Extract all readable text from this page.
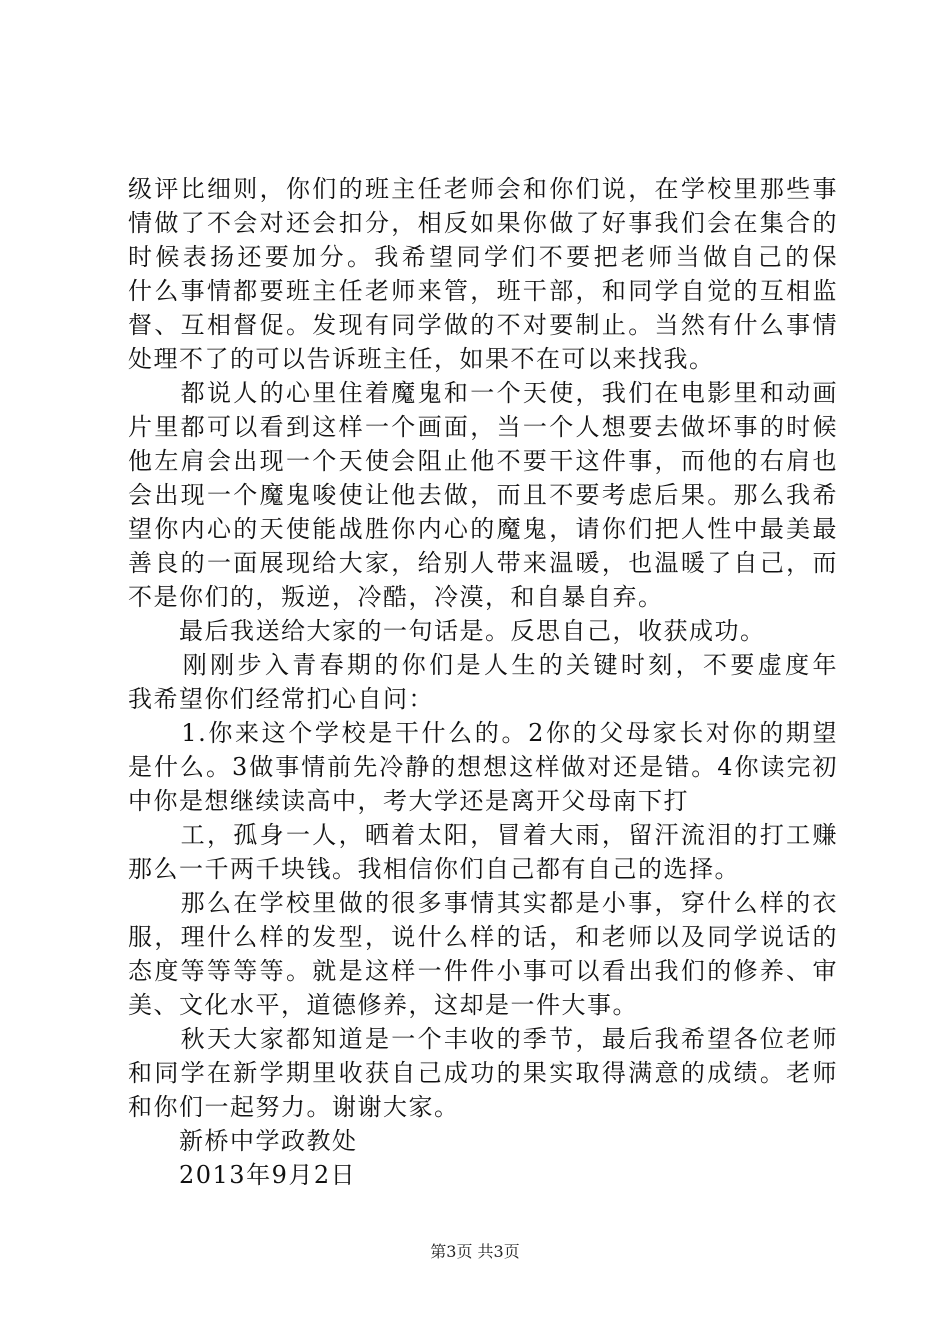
级评比细则，你们的班主任老师会和你们说，在学校里那些事
情做了不会对还会扣分，相反如果你做了好事我们会在集合的
时候表扬还要加分。我希望同学们不要把老师当做自己的保
什么事情都要班主任老师来管，班干部，和同学自觉的互相监
督、互相督促。发现有同学做的不对要制止。当然有什么事情
处理不了的可以告诉班主任，如果不在可以来找我。
　　都说人的心里住着魔鬼和一个天使，我们在电影里和动画
片里都可以看到这样一个画面，当一个人想要去做坏事的时候
他左肩会出现一个天使会阻止他不要干这件事，而他的右肩也
会出现一个魔鬼唆使让他去做，而且不要考虑后果。那么我希
望你内心的天使能战胜你内心的魔鬼，请你们把人性中最美最
善良的一面展现给大家，给别人带来温暖，也温暖了自己，而
不是你们的，叛逆，冷酷，冷漠，和自暴自弃。
　　最后我送给大家的一句话是。反思自己，收获成功。
　　刚刚步入青春期的你们是人生的关键时刻，不要虚度年
我希望你们经常扪心自问：
　　1.你来这个学校是干什么的。2你的父母家长对你的期望
是什么。3做事情前先冷静的想想这样做对还是错。4你读完初
中你是想继续读高中，考大学还是离开父母南下打
　　工，孤身一人，晒着太阳，冒着大雨，留汗流泪的打工赚
那么一千两千块钱。我相信你们自己都有自己的选择。
　　那么在学校里做的很多事情其实都是小事，穿什么样的衣
服，理什么样的发型，说什么样的话，和老师以及同学说话的
态度等等等等。就是这样一件件小事可以看出我们的修养、审
美、文化水平，道德修养，这却是一件大事。
　　秋天大家都知道是一个丰收的季节，最后我希望各位老师
和同学在新学期里收获自己成功的果实取得满意的成绩。老师
和你们一起努力。谢谢大家。
　　新桥中学政教处
　　2013年9月2日
第3页 共3页
